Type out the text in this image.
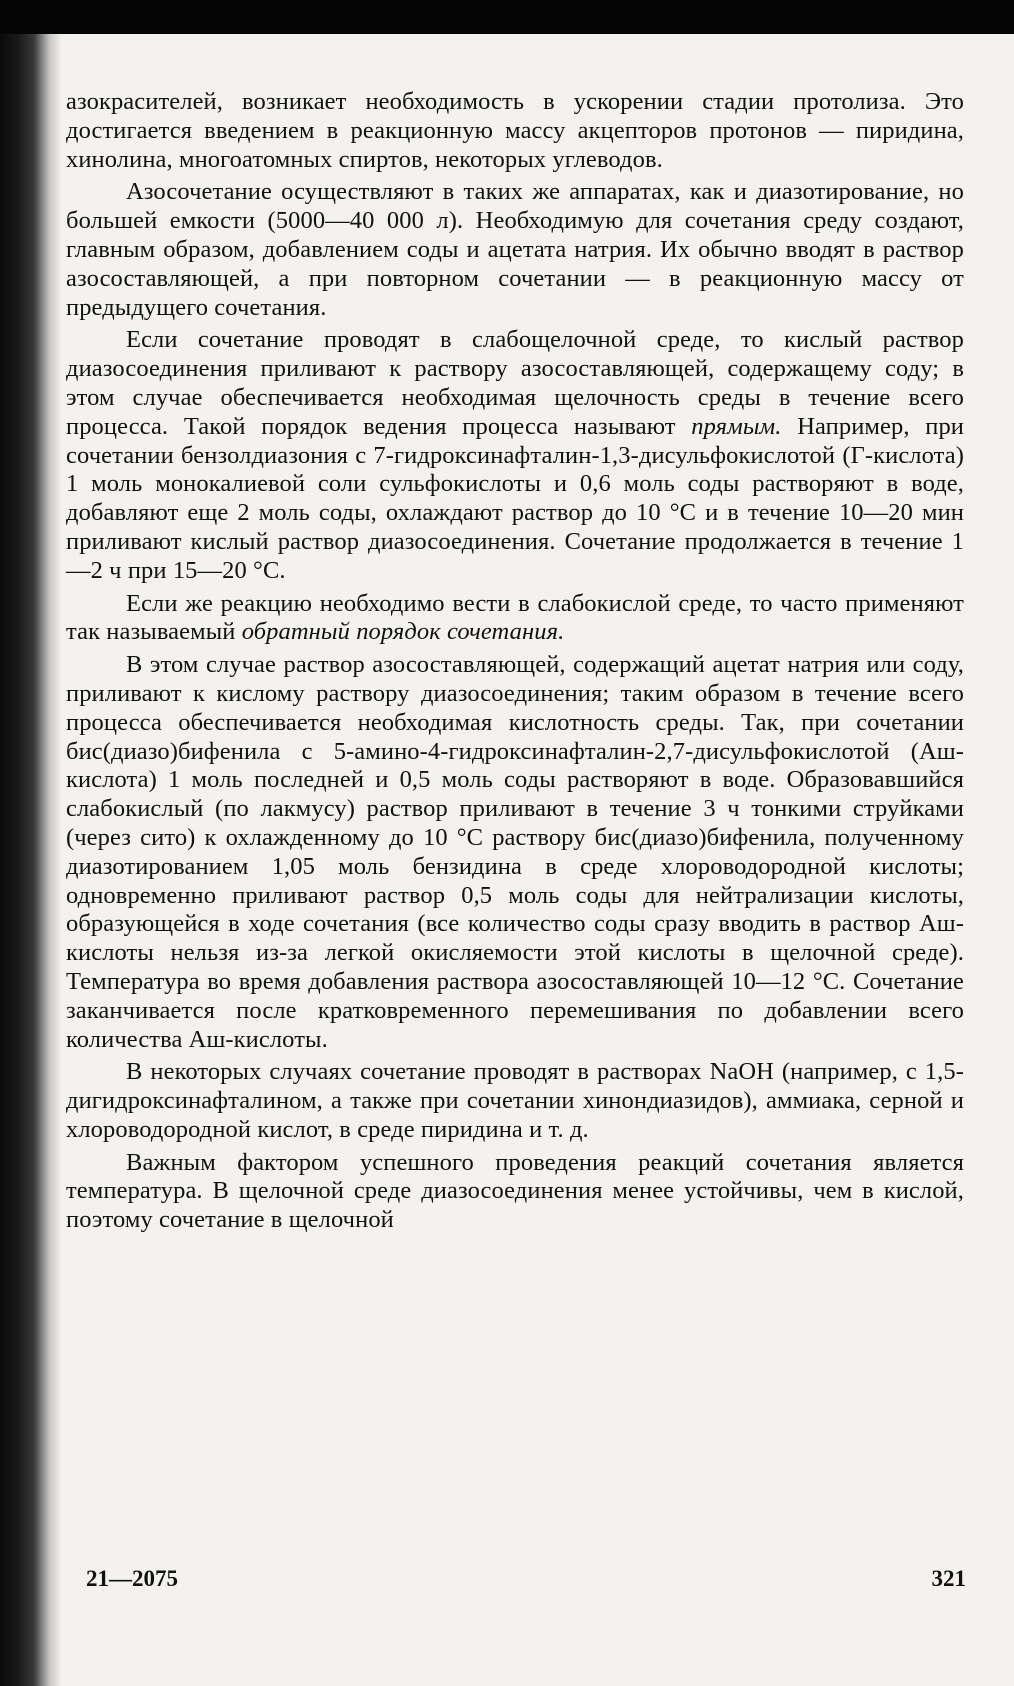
азокрасителей, возникает необходимость в ускорении стадии протолиза. Это достигается введением в реакционную массу акцепторов протонов — пиридина, хинолина, многоатомных спиртов, некоторых углеводов.

Азосочетание осуществляют в таких же аппаратах, как и диазотирование, но большей емкости (5000—40 000 л). Необходимую для сочетания среду создают, главным образом, добавлением соды и ацетата натрия. Их обычно вводят в раствор азосоставляющей, а при повторном сочетании — в реакционную массу от предыдущего сочетания.

Если сочетание проводят в слабощелочной среде, то кислый раствор диазосоединения приливают к раствору азосоставляющей, содержащему соду; в этом случае обеспечивается необходимая щелочность среды в течение всего процесса. Такой порядок ведения процесса называют прямым. Например, при сочетании бензолдиазония с 7-гидроксинафталин-1,3-дисульфокислотой (Г-кислота) 1 моль монокалиевой соли сульфокислоты и 0,6 моль соды растворяют в воде, добавляют еще 2 моль соды, охлаждают раствор до 10 °С и в течение 10—20 мин приливают кислый раствор диазосоединения. Сочетание продолжается в течение 1—2 ч при 15—20 °С.

Если же реакцию необходимо вести в слабокислой среде, то часто применяют так называемый обратный порядок сочетания.

В этом случае раствор азосоставляющей, содержащий ацетат натрия или соду, приливают к кислому раствору диазосоединения; таким образом в течение всего процесса обеспечивается необходимая кислотность среды. Так, при сочетании бис(диазо)бифенила с 5-амино-4-гидроксинафталин-2,7-дисульфокислотой (Аш-кислота) 1 моль последней и 0,5 моль соды растворяют в воде. Образовавшийся слабокислый (по лакмусу) раствор приливают в течение 3 ч тонкими струйками (через сито) к охлажденному до 10 °С раствору бис(диазо)бифенила, полученному диазотированием 1,05 моль бензидина в среде хлороводородной кислоты; одновременно приливают раствор 0,5 моль соды для нейтрализации кислоты, образующейся в ходе сочетания (все количество соды сразу вводить в раствор Аш-кислоты нельзя из-за легкой окисляемости этой кислоты в щелочной среде). Температура во время добавления раствора азосоставляющей 10—12 °С. Сочетание заканчивается после кратковременного перемешивания по добавлении всего количества Аш-кислоты.

В некоторых случаях сочетание проводят в растворах NaOH (например, с 1,5-дигидроксинафталином, а также при сочетании хинондиазидов), аммиака, серной и хлороводородной кислот, в среде пиридина и т. д.

Важным фактором успешного проведения реакций сочетания является температура. В щелочной среде диазосоединения менее устойчивы, чем в кислой, поэтому сочетание в щелочной

21—2075	321
